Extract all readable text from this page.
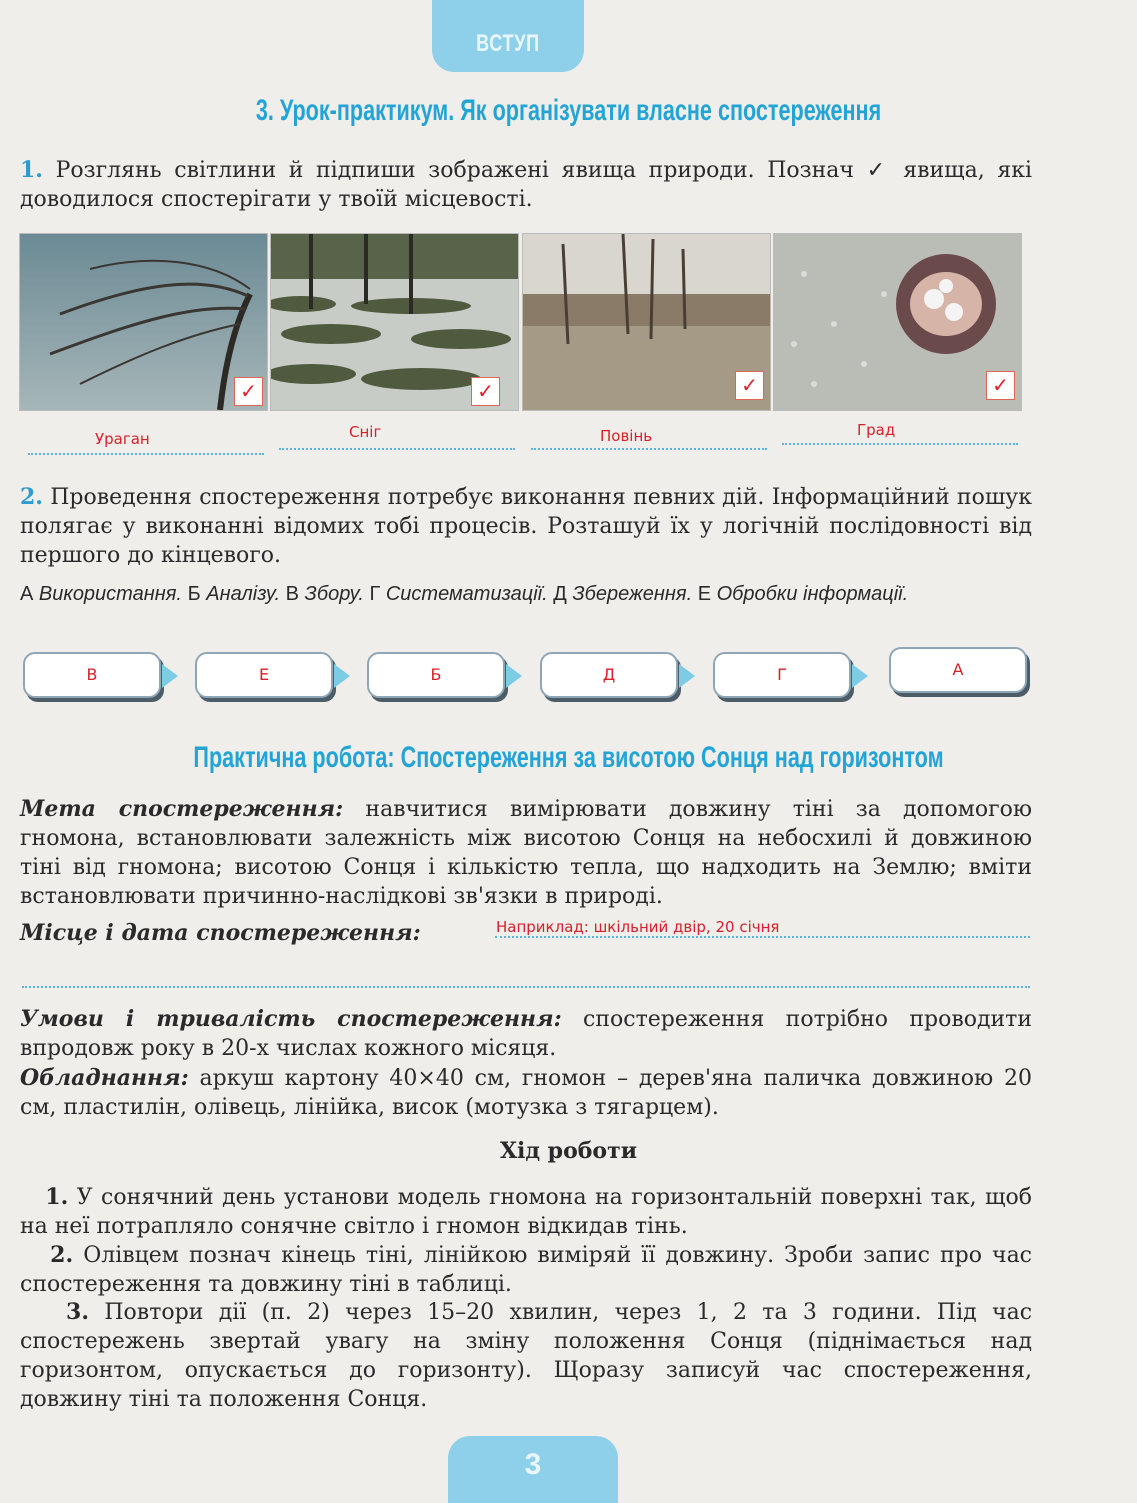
ВСТУП
3. Урок-практикум. Як організувати власне спостереження
1. Розглянь світлини й підпиши зображені явища природи. Познач ✓ явища, які доводилося спостерігати у твоїй місцевості.
✓	✓	✓	✓
Ураган	Сніг	Повінь	Град
2. Проведення спостереження потребує виконання певних дій. Інформаційний пошук полягає у виконанні відомих тобі процесів. Розташуй їх у логічній послідовності від першого до кінцевого.
А Використання. Б Аналізу. В Збору. Г Систематизації. Д Збереження. Е Обробки інформації.
В	Е	Б	Д	Г	А
Практична робота: Спостереження за висотою Сонця над горизонтом
Мета спостереження: навчитися вимірювати довжину тіні за допомогою гномона, встановлювати залежність між висотою Сонця на небосхилі й довжиною тіні від гномона; висотою Сонця і кількістю тепла, що надходить на Землю; вміти встановлювати причинно-наслідкові зв'язки в природі.
Місце і дата спостереження:	Наприклад: шкільний двір, 20 січня
Умови і тривалість спостереження: спостереження потрібно проводити впродовж року в 20-х числах кожного місяця.
Обладнання: аркуш картону 40×40 см, гномон – дерев'яна паличка довжиною 20 см, пластилін, олівець, лінійка, висок (мотузка з тягарцем).
Хід роботи
1. У сонячний день установи модель гномона на горизонтальній поверхні так, щоб на неї потрапляло сонячне світло і гномон відкидав тінь.
2. Олівцем познач кінець тіні, лінійкою виміряй її довжину. Зроби запис про час спостереження та довжину тіні в таблиці.
3. Повтори дії (п. 2) через 15–20 хвилин, через 1, 2 та 3 години. Під час спостережень звертай увагу на зміну положення Сонця (піднімається над горизонтом, опускається до горизонту). Щоразу записуй час спостереження, довжину тіні та положення Сонця.
3
